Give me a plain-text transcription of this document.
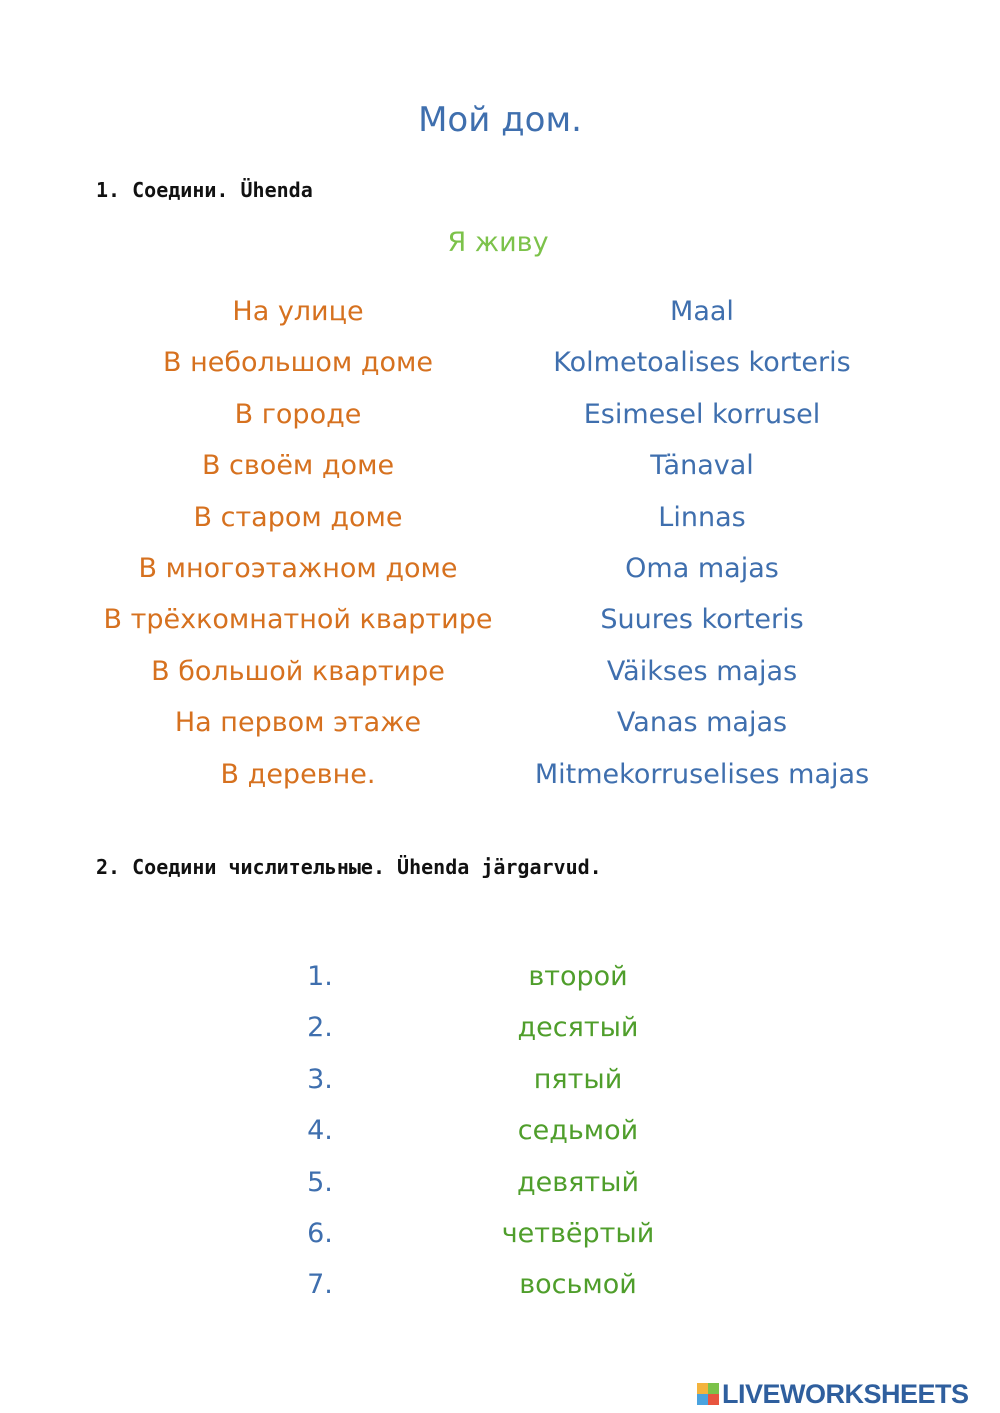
Мой дом.
1. Соедини. Ühenda
Я живу
На улице
В небольшом доме
В городе
В своём доме
В старом доме
В многоэтажном доме
В трёхкомнатной квартире
В большой квартире
На первом этаже
В деревне.
Maal
Kolmetoalises korteris
Esimesel korrusel
Tänaval
Linnas
Oma majas
Suures korteris
Väikses majas
Vanas majas
Mitmekorruselises majas
2. Соедини числительные. Ühenda järgarvud.
1.
2.
3.
4.
5.
6.
7.
второй
десятый
пятый
седьмой
девятый
четвёртый
восьмой
LIVEWORKSHEETS
